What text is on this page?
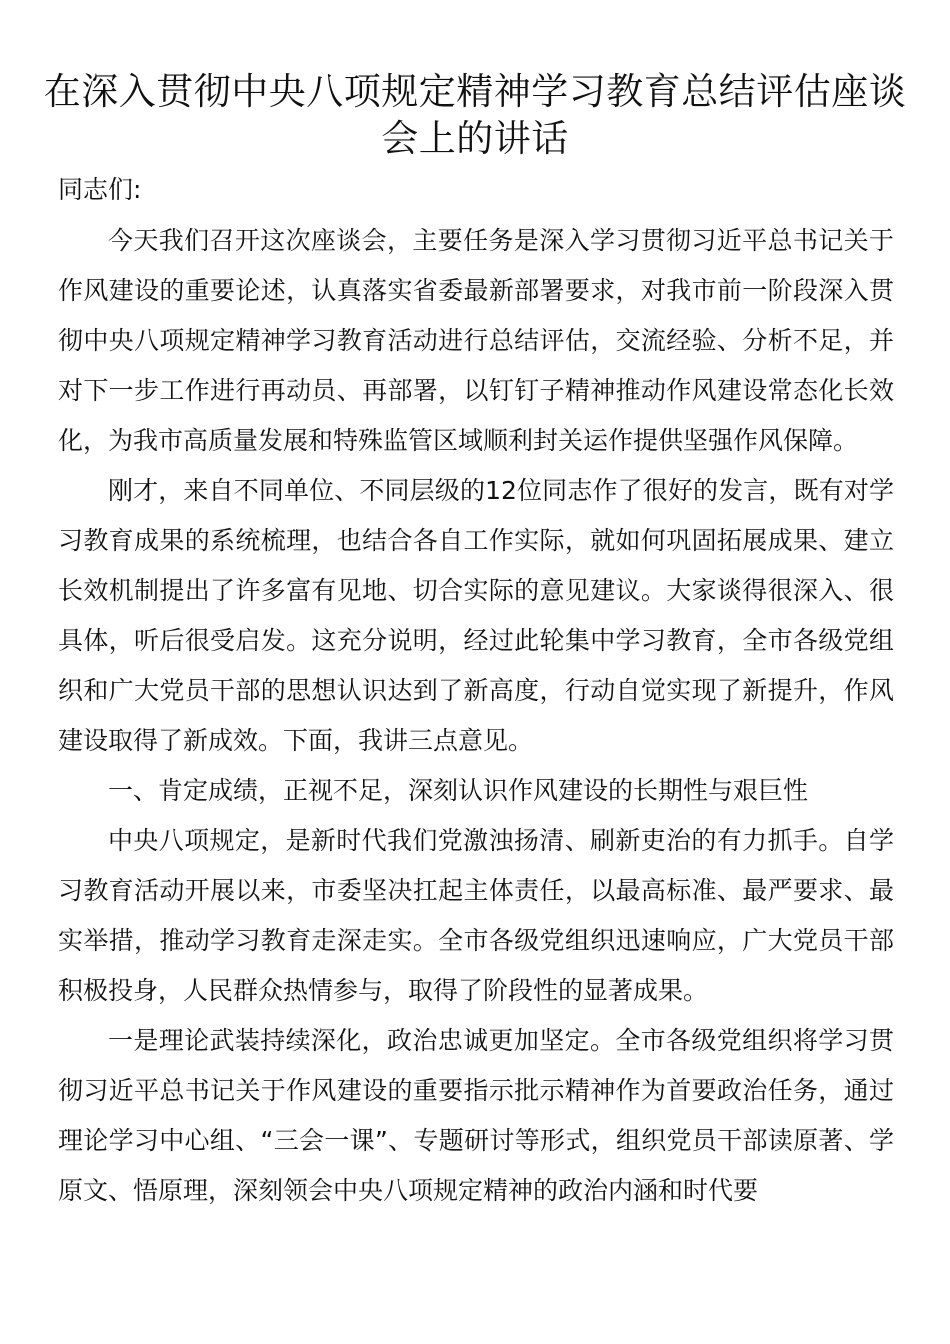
在深入贯彻中央八项规定精神学习教育总结评估座谈会上的讲话

同志们:

今天我们召开这次座谈会，主要任务是深入学习贯彻习近平总书记关于作风建设的重要论述，认真落实省委最新部署要求，对我市前一阶段深入贯彻中央八项规定精神学习教育活动进行总结评估，交流经验、分析不足，并对下一步工作进行再动员、再部署，以钉钉子精神推动作风建设常态化长效化，为我市高质量发展和特殊监管区域顺利封关运作提供坚强作风保障。

刚才，来自不同单位、不同层级的12位同志作了很好的发言，既有对学习教育成果的系统梳理，也结合各自工作实际，就如何巩固拓展成果、建立长效机制提出了许多富有见地、切合实际的意见建议。大家谈得很深入、很具体，听后很受启发。这充分说明，经过此轮集中学习教育，全市各级党组织和广大党员干部的思想认识达到了新高度，行动自觉实现了新提升，作风建设取得了新成效。下面，我讲三点意见。

一、肯定成绩，正视不足，深刻认识作风建设的长期性与艰巨性

中央八项规定，是新时代我们党激浊扬清、刷新吏治的有力抓手。自学习教育活动开展以来，市委坚决扛起主体责任，以最高标准、最严要求、最实举措，推动学习教育走深走实。全市各级党组织迅速响应，广大党员干部积极投身，人民群众热情参与，取得了阶段性的显著成果。

一是理论武装持续深化，政治忠诚更加坚定。全市各级党组织将学习贯彻习近平总书记关于作风建设的重要指示批示精神作为首要政治任务，通过理论学习中心组、“三会一课”、专题研讨等形式，组织党员干部读原著、学原文、悟原理，深刻领会中央八项规定精神的政治内涵和时代要
